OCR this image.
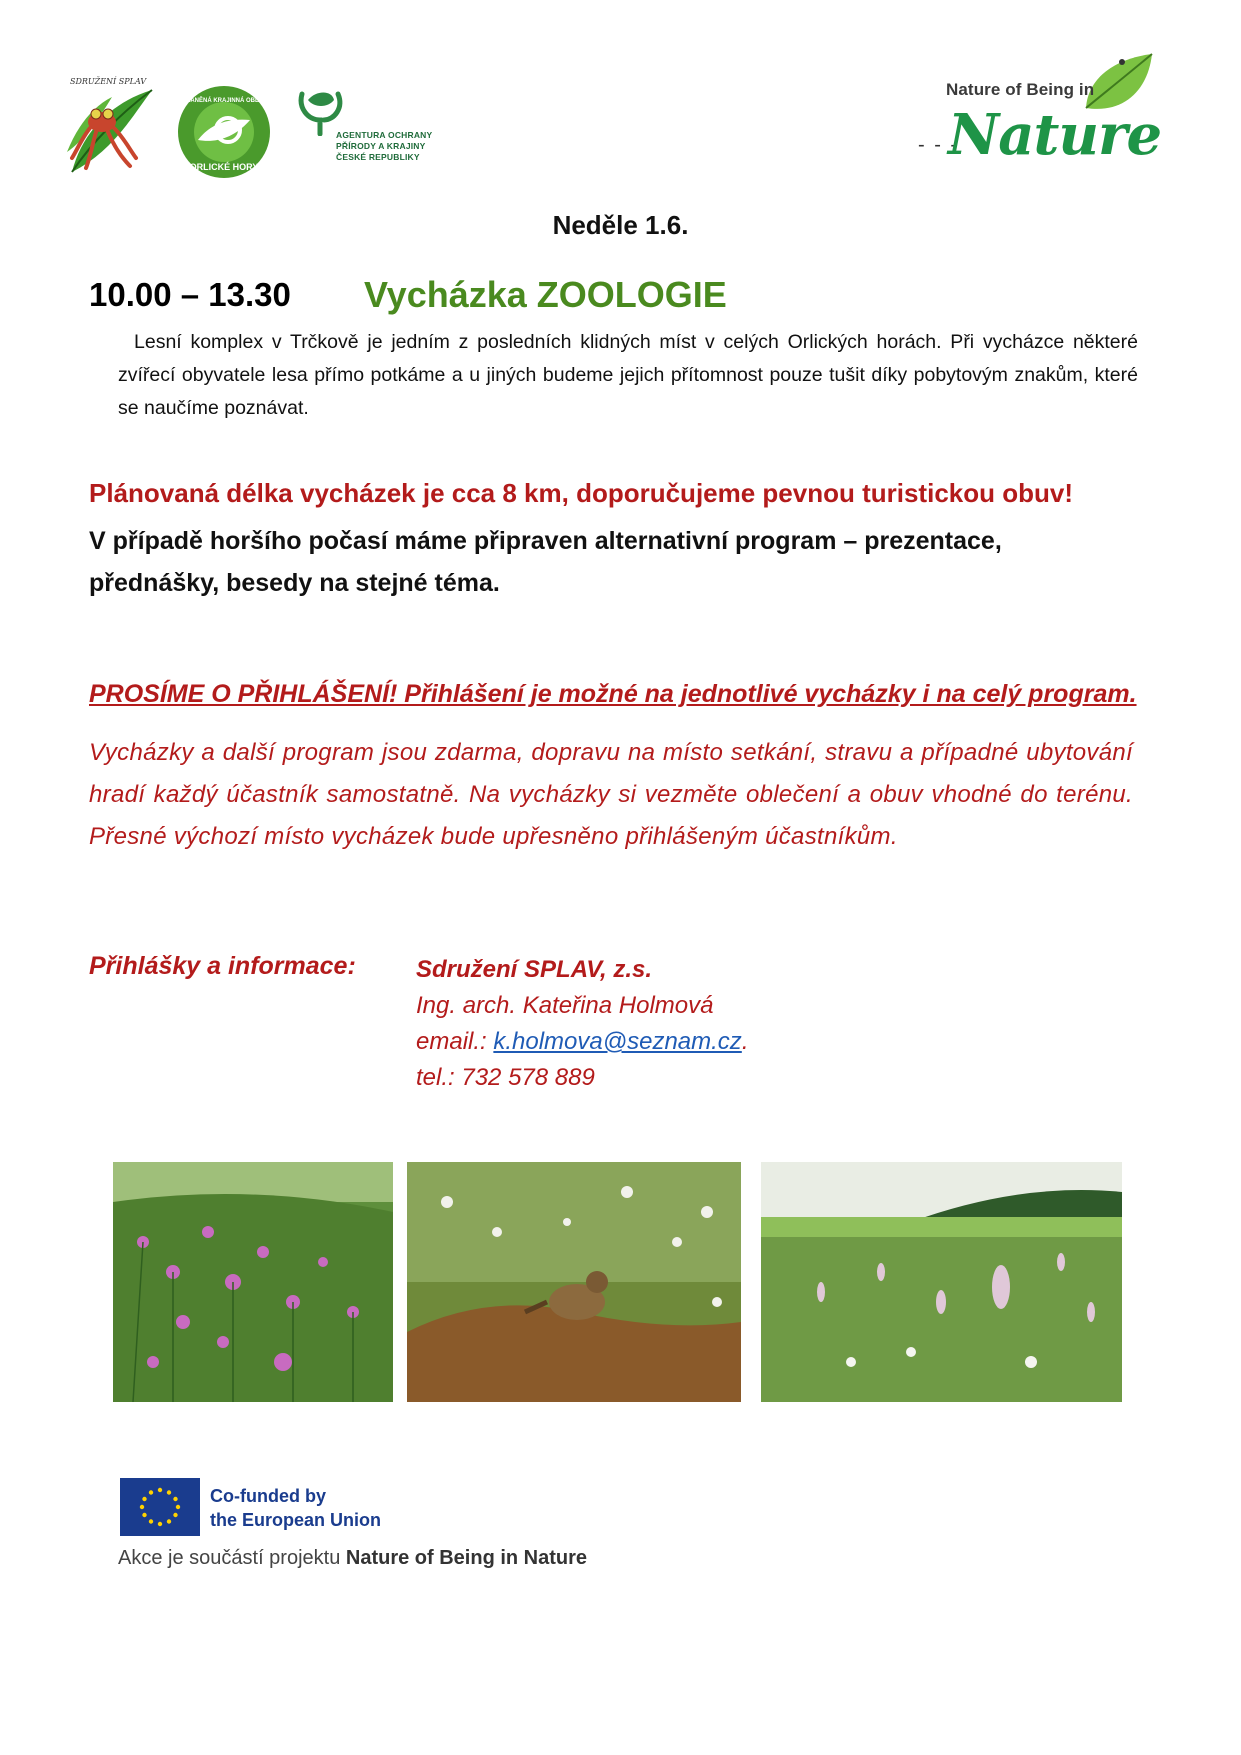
SDRUŽENÍ SPLAV
CHRÁNĚNÁ KRAJINNÁ OBLAST
ORLICKÉ HORY
AGENTURA OCHRANY
PŘÍRODY A KRAJINY
ČESKÉ REPUBLIKY
Nature of Being in
- - -
Nature
Neděle 1.6.
10.00 – 13.30 Vycházka ZOOLOGIE
Lesní komplex v Trčkově je jedním z posledních klidných míst v celých Orlických horách. Při vycházce některé zvířecí obyvatele lesa přímo potkáme a u jiných budeme jejich přítomnost pouze tušit díky pobytovým znakům, které se naučíme poznávat.
Plánovaná délka vycházek je cca 8 km, doporučujeme pevnou turistickou obuv!
V případě horšího počasí máme připraven alternativní program – prezentace, přednášky, besedy na stejné téma.
PROSÍME O PŘIHLÁŠENÍ! Přihlášení je možné na jednotlivé vycházky i na celý program.
Vycházky a další program jsou zdarma, dopravu na místo setkání, stravu a případné ubytování hradí každý účastník samostatně. Na vycházky si vezměte oblečení a obuv vhodné do terénu. Přesné výchozí místo vycházek bude upřesněno přihlášeným účastníkům.
Přihlášky a informace:	Sdružení SPLAV, z.s.
Ing. arch. Kateřina Holmová
email.: k.holmova@seznam.cz.
tel.: 732 578 889
Co-funded by
the European Union
Akce je součástí projektu Nature of Being in Nature
